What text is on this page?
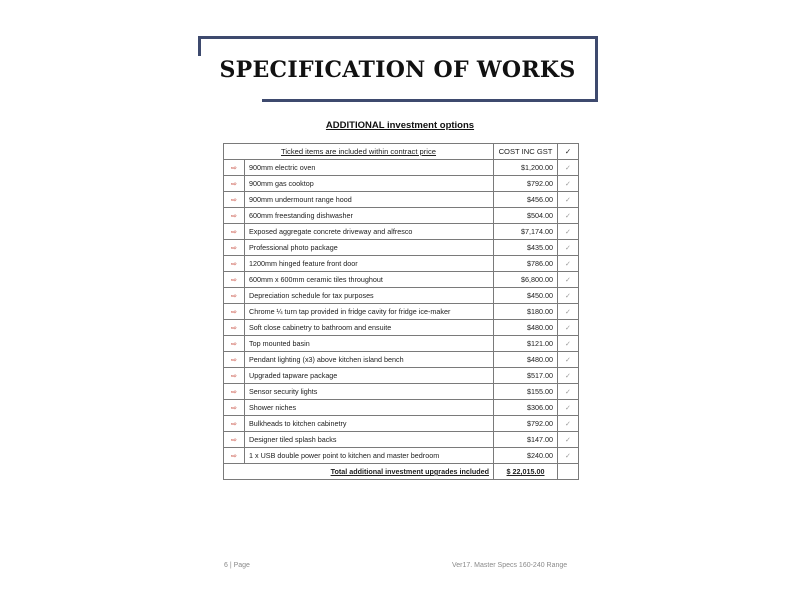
SPECIFICATION OF WORKS
ADDITIONAL investment options
Ticked items are included within contract price		COST INC GST	✓
⇨	900mm electric oven	$1,200.00	✓
⇨	900mm gas cooktop	$792.00	✓
⇨	900mm undermount range hood	$456.00	✓
⇨	600mm freestanding dishwasher	$504.00	✓
⇨	Exposed aggregate concrete driveway and alfresco	$7,174.00	✓
⇨	Professional photo package	$435.00	✓
⇨	1200mm hinged feature front door	$786.00	✓
⇨	600mm x 600mm ceramic tiles throughout	$6,800.00	✓
⇨	Depreciation schedule for tax purposes	$450.00	✓
⇨	Chrome ¼ turn tap provided in fridge cavity for fridge ice-maker	$180.00	✓
⇨	Soft close cabinetry to bathroom and ensuite	$480.00	✓
⇨	Top mounted basin	$121.00	✓
⇨	Pendant lighting (x3) above kitchen island bench	$480.00	✓
⇨	Upgraded tapware package	$517.00	✓
⇨	Sensor security lights	$155.00	✓
⇨	Shower niches	$306.00	✓
⇨	Bulkheads to kitchen cabinetry	$792.00	✓
⇨	Designer tiled splash backs	$147.00	✓
⇨	1 x USB double power point to kitchen and master bedroom	$240.00	✓
	Total additional investment upgrades included	$ 22,015.00	
6 | Page	Ver17. Master Specs 160-240 Range
